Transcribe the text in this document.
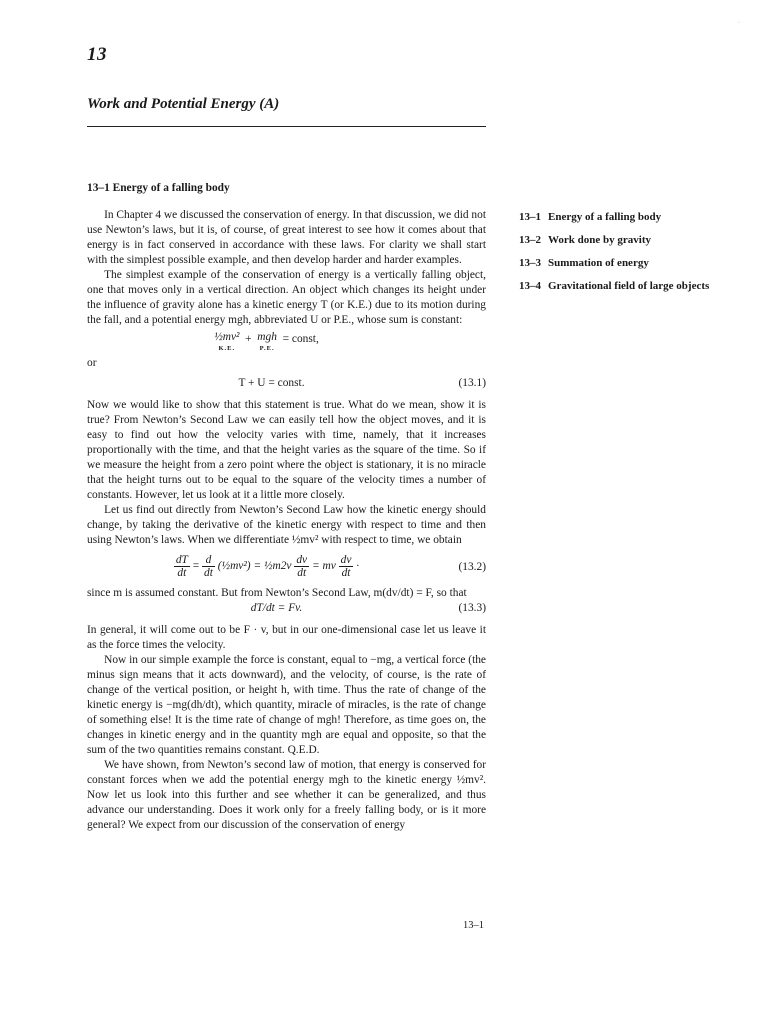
13
Work and Potential Energy (A)
·
13–1 Energy of a falling body

In Chapter 4 we discussed the conservation of energy. In that discussion, we did not use Newton’s laws, but it is, of course, of great interest to see how it comes about that energy is in fact conserved in accordance with these laws. For clarity we shall start with the simplest possible example, and then develop harder and harder examples.

The simplest example of the conservation of energy is a vertically falling object, one that moves only in a vertical direction. An object which changes its height under the influence of gravity alone has a kinetic energy T (or K.E.) due to its motion during the fall, and a potential energy mgh, abbreviated U or P.E., whose sum is constant:

½mv²
K.E.
+ mgh
P.E.
= const,
or
T + U = const.	(13.1)

Now we would like to show that this statement is true. What do we mean, show it is true? From Newton’s Second Law we can easily tell how the object moves, and it is easy to find out how the velocity varies with time, namely, that it increases proportionally with the time, and that the height varies as the square of the time. So if we measure the height from a zero point where the object is stationary, it is no miracle that the height turns out to be equal to the square of the velocity times a number of constants. However, let us look at it a little more closely.

Let us find out directly from Newton’s Second Law how the kinetic energy should change, by taking the derivative of the kinetic energy with respect to time and then using Newton’s laws. When we differentiate ½mv² with respect to time, we obtain

$\frac{dT}{dt} = \frac{d}{dt}$ (½mv²) = ½m2v $\frac{dv}{dt}$ = mv $\frac{dv}{dt}$ ·	(13.2)

since m is assumed constant. But from Newton’s Second Law, m(dv/dt) = F, so that

dT/dt = Fv.	(13.3)

In general, it will come out to be F · v, but in our one-dimensional case let us leave it as the force times the velocity.

Now in our simple example the force is constant, equal to −mg, a vertical force (the minus sign means that it acts downward), and the velocity, of course, is the rate of change of the vertical position, or height h, with time. Thus the rate of change of the kinetic energy is −mg(dh/dt), which quantity, miracle of miracles, is the rate of change of something else! It is the time rate of change of mgh! Therefore, as time goes on, the changes in kinetic energy and in the quantity mgh are equal and opposite, so that the sum of the two quantities remains constant. Q.E.D.

We have shown, from Newton’s second law of motion, that energy is conserved for constant forces when we add the potential energy mgh to the kinetic energy ½mv². Now let us look into this further and see whether it can be generalized, and thus advance our understanding. Does it work only for a freely falling body, or is it more general? We expect from our discussion of the conservation of energy

13–1 Energy of a falling body
13–2 Work done by gravity
13–3 Summation of energy
13–4 Gravitational field of large objects
13–1
